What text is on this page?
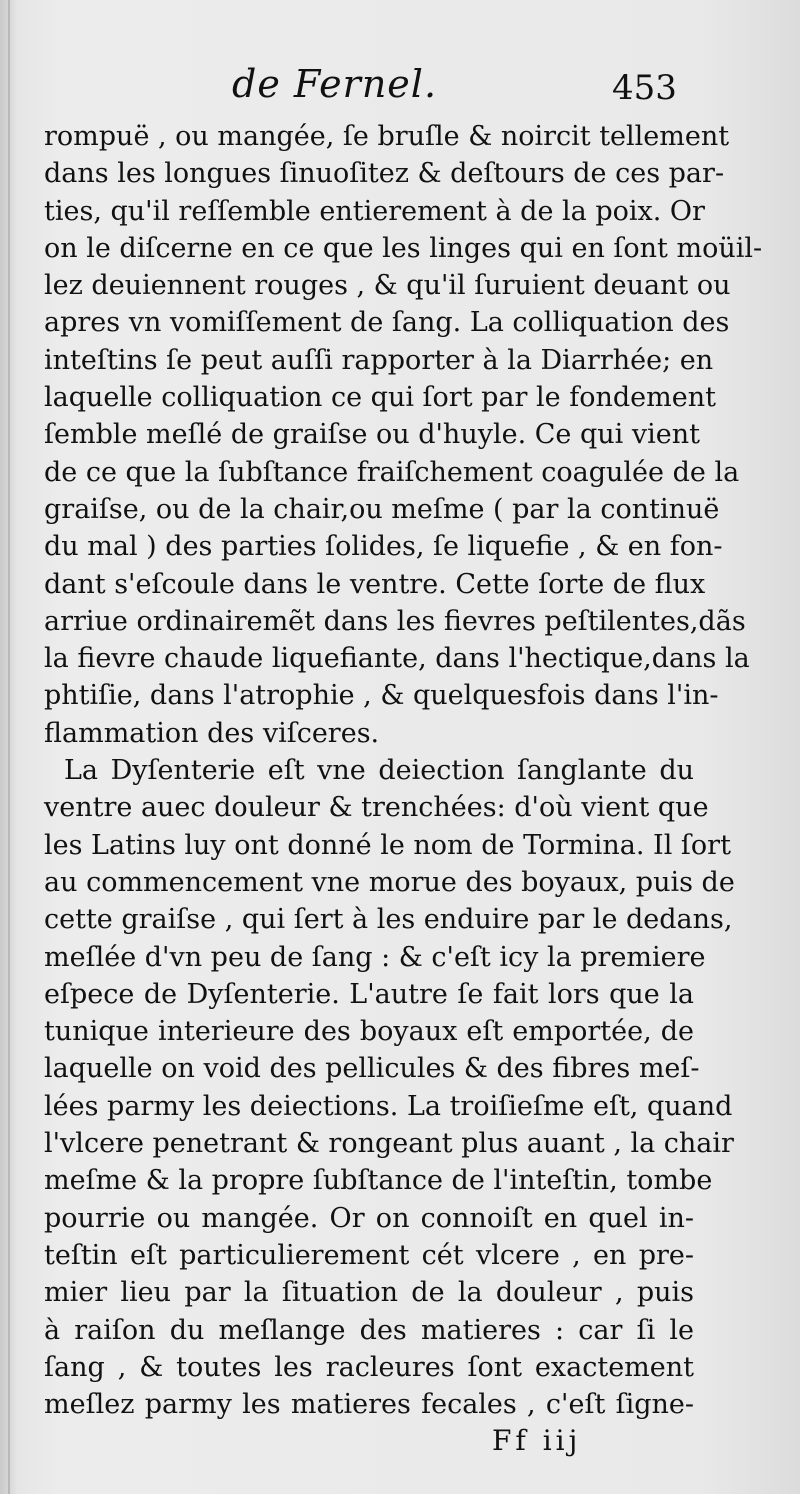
de Fernel.	453
rompuë , ou mangée, ſe bruſle & noircit tellement
dans les longues ſinuoſitez & deſtours de ces par-
ties, qu'il reſſemble entierement à de la poix. Or
on le diſcerne en ce que les linges qui en ſont moüil-
lez deuiennent rouges , & qu'il ſuruient deuant ou
apres vn vomiſſement de ſang. La colliquation des
inteſtins ſe peut auſſi rapporter à la Diarrhée; en
laquelle colliquation ce qui ſort par le fondement
ſemble meſlé de graiſse ou d'huyle. Ce qui vient
de ce que la ſubſtance fraiſchement coagulée de la
graiſse, ou de la chair,ou meſme ( par la continuë
du mal ) des parties ſolides, ſe liquefie , & en fon-
dant s'eſcoule dans le ventre. Cette ſorte de flux
arriue ordinairemẽt dans les fievres peſtilentes,dãs
la fievre chaude liquefiante, dans l'hectique,dans la
phtiſie, dans l'atrophie , & quelquesfois dans l'in-
flammation des viſceres.
La Dyſenterie eſt vne deiection ſanglante du
ventre auec douleur & trenchées: d'où vient que
les Latins luy ont donné le nom de Tormina. Il ſort
au commencement vne morue des boyaux, puis de
cette graiſse , qui ſert à les enduire par le dedans,
meſlée d'vn peu de ſang : & c'eſt icy la premiere
eſpece de Dyſenterie. L'autre ſe fait lors que la
tunique interieure des boyaux eſt emportée, de
laquelle on void des pellicules & des fibres meſ-
lées parmy les deiections. La troiſieſme eſt, quand
l'vlcere penetrant & rongeant plus auant , la chair
meſme & la propre ſubſtance de l'inteſtin, tombe
pourrie ou mangée. Or on connoiſt en quel in-
teſtin eſt particulierement cét vlcere , en pre-
mier lieu par la ſituation de la douleur , puis
à raiſon du meſlange des matieres : car ſi le
ſang , & toutes les racleures ſont exactement
meſlez parmy les matieres fecales , c'eſt ſigne-
Ff iij
